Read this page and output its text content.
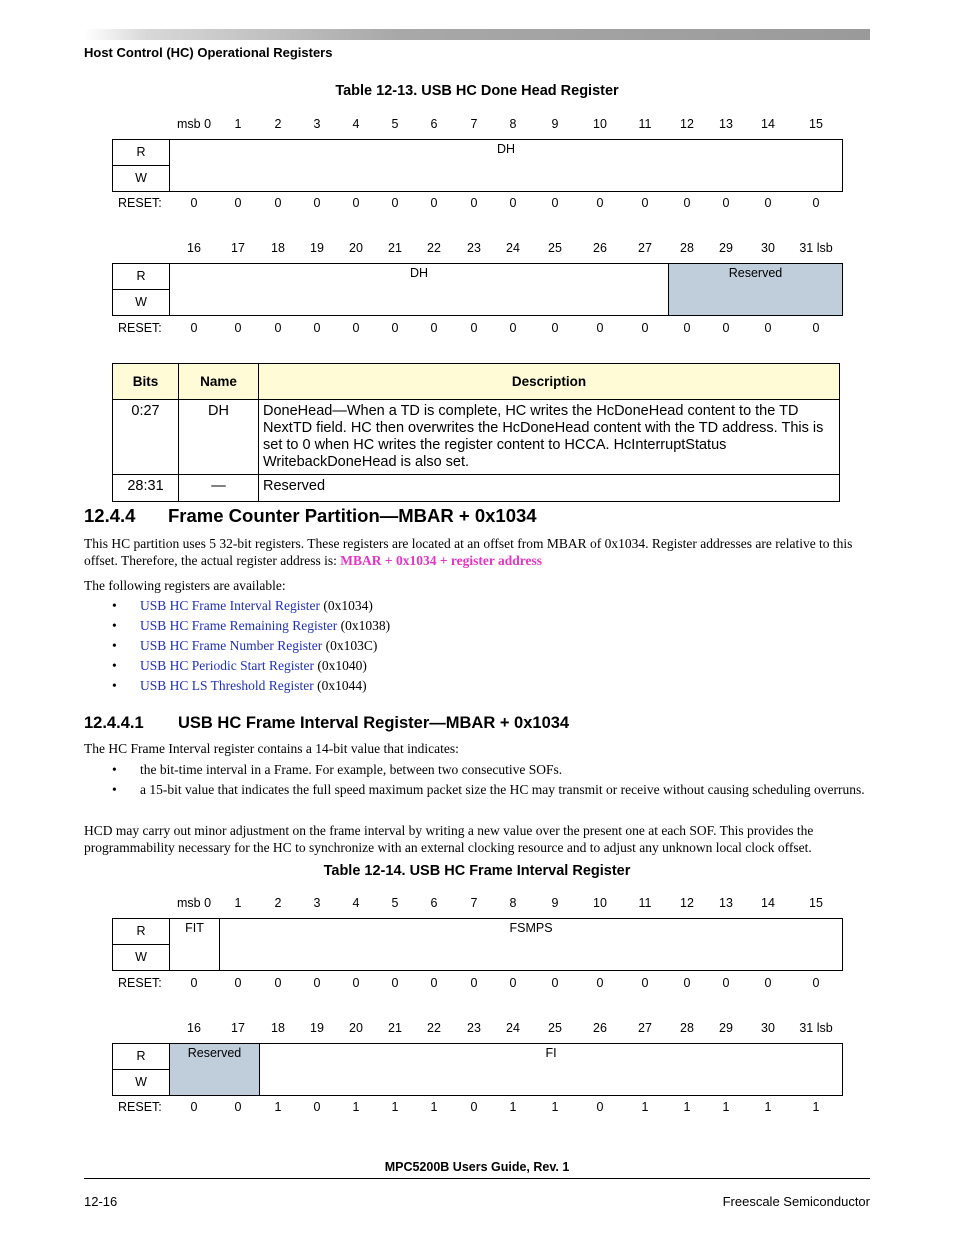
Host Control (HC) Operational Registers
Table 12-13. USB HC Done Head Register
msb 0 1	2	3	4	5	6	7	8	9	10	11 12 13 14	15
R
W
DH
RESET: 0	0	0	0	0	0	0	0	0	0	0	0	0	0	0	0
16 17 18 19 20 21 22 23 24 25 26 27 28 29 30 31 lsb
R
W
DH	Reserved
RESET: 0	0	0	0	0	0	0	0	0	0	0	0	0	0	0	0
Bits	Name	Description
0:27	DH	DoneHead—When a TD is complete, HC writes the HcDoneHead content to the TD NextTD field. HC then overwrites the HcDoneHead content with the TD address. This is set to 0 when HC writes the register content to HCCA. HcInterruptStatus WritebackDoneHead is also set.
28:31	—	Reserved
12.4.4 Frame Counter Partition—MBAR + 0x1034
This HC partition uses 5 32-bit registers. These registers are located at an offset from MBAR of 0x1034. Register addresses are relative to this offset. Therefore, the actual register address is: MBAR + 0x1034 + register address
The following registers are available:
• USB HC Frame Interval Register (0x1034)
• USB HC Frame Remaining Register (0x1038)
• USB HC Frame Number Register (0x103C)
• USB HC Periodic Start Register (0x1040)
• USB HC LS Threshold Register (0x1044)
12.4.4.1 USB HC Frame Interval Register—MBAR + 0x1034
The HC Frame Interval register contains a 14-bit value that indicates:
• the bit-time interval in a Frame. For example, between two consecutive SOFs.
• a 15-bit value that indicates the full speed maximum packet size the HC may transmit or receive without causing scheduling overruns.
HCD may carry out minor adjustment on the frame interval by writing a new value over the present one at each SOF. This provides the programmability necessary for the HC to synchronize with an external clocking resource and to adjust any unknown local clock offset.
Table 12-14. USB HC Frame Interval Register
msb 0 1	2	3	4	5	6	7	8	9	10	11 12 13 14	15
R
W
FIT	FSMPS
RESET: 0	0	0	0	0	0	0	0	0	0	0	0	0	0	0	0
16 17 18 19 20 21 22 23 24 25 26 27 28 29 30 31 lsb
R
W
Reserved	FI
RESET: 0	0	1	0	1	1	1	0	1	1	0	1	1	1	1	1
MPC5200B Users Guide, Rev. 1
12-16	Freescale Semiconductor
